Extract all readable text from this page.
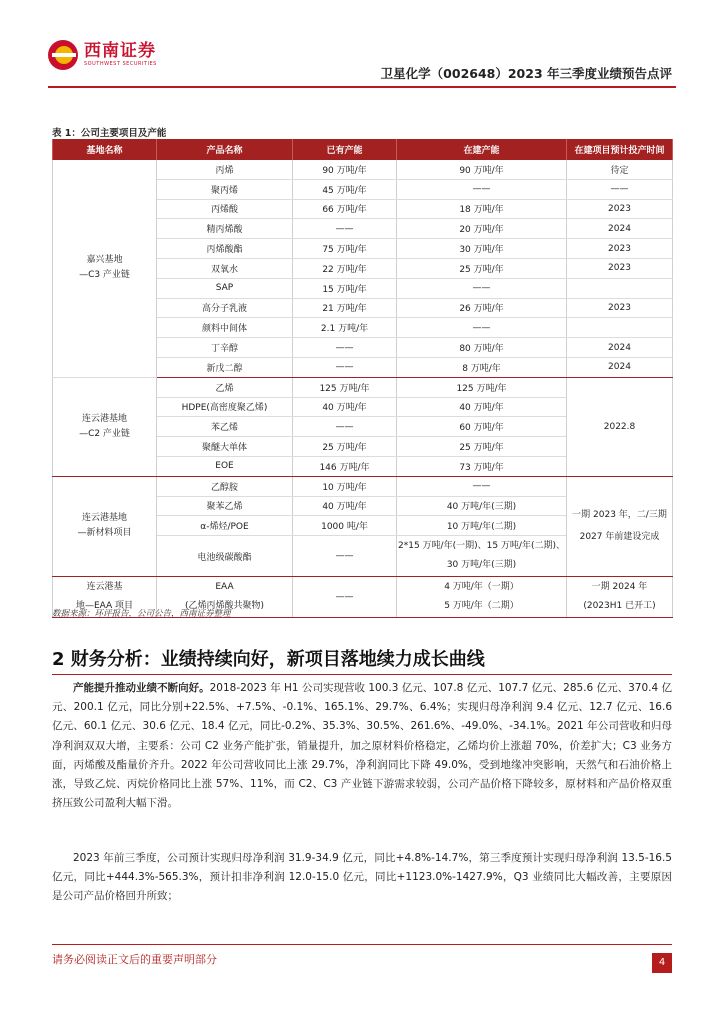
西南证券
SOUTHWEST SECURITIES
卫星化学（002648）2023 年三季度业绩预告点评
表 1：公司主要项目及产能
基地名称	产品名称	已有产能	在建产能	在建项目预计投产时间
嘉兴基地
—C3 产业链	丙烯	90 万吨/年	90 万吨/年	待定
	聚丙烯	45 万吨/年	——	——
	丙烯酸	66 万吨/年	18 万吨/年	2023
	精丙烯酸	——	20 万吨/年	2024
	丙烯酸酯	75 万吨/年	30 万吨/年	2023
	双氧水	22 万吨/年	25 万吨/年	2023
	SAP	15 万吨/年	——	
	高分子乳液	21 万吨/年	26 万吨/年	2023
	颜料中间体	2.1 万吨/年	——	
	丁辛醇	——	80 万吨/年	2024
	新戊二醇	——	8 万吨/年	2024
连云港基地
—C2 产业链	乙烯	125 万吨/年	125 万吨/年	2022.8
	HDPE(高密度聚乙烯)	40 万吨/年	40 万吨/年	
	苯乙烯	——	60 万吨/年	
	聚醚大单体	25 万吨/年	25 万吨/年	
	EOE	146 万吨/年	73 万吨/年	
连云港基地
—新材料项目	乙醇胺	10 万吨/年	——	一期 2023 年，二/三期
2027 年前建设完成
	聚苯乙烯	40 万吨/年	40 万吨/年(三期)	
	α-烯烃/POE	1000 吨/年	10 万吨/年(二期)	
	电池级碳酸酯	——	2*15 万吨/年(一期)、15 万吨/年(二期)、
30 万吨/年(三期)	
连云港基
地—EAA 项目	EAA
(乙烯丙烯酸共聚物)	——	4 万吨/年（一期）
5 万吨/年（二期）	一期 2024 年
(2023H1 已开工)
数据来源：环评报告，公司公告，西南证券整理
2 财务分析：业绩持续向好，新项目落地续力成长曲线

产能提升推动业绩不断向好。2018-2023 年 H1 公司实现营收 100.3 亿元、107.8 亿元、107.7 亿元、285.6 亿元、370.4 亿元、200.1 亿元，同比分别+22.5%、+7.5%、-0.1%、165.1%、29.7%、6.4%；实现归母净利润 9.4 亿元、12.7 亿元、16.6 亿元、60.1 亿元、30.6 亿元、18.4 亿元，同比-0.2%、35.3%、30.5%、261.6%、-49.0%、-34.1%。2021 年公司营收和归母净利润双双大增，主要系：公司 C2 业务产能扩张，销量提升，加之原材料价格稳定，乙烯均价上涨超 70%，价差扩大；C3 业务方面，丙烯酸及酯量价齐升。2022 年公司营收同比上涨 29.7%，净利润同比下降 49.0%，受到地缘冲突影响，天然气和石油价格上涨，导致乙烷、丙烷价格同比上涨 57%、11%，而 C2、C3 产业链下游需求较弱，公司产品价格下降较多，原材料和产品价格双重挤压致公司盈利大幅下滑。

2023 年前三季度，公司预计实现归母净利润 31.9-34.9 亿元，同比+4.8%-14.7%，第三季度预计实现归母净利润 13.5-16.5 亿元，同比+444.3%-565.3%，预计扣非净利润 12.0-15.0 亿元，同比+1123.0%-1427.9%，Q3 业绩同比大幅改善，主要原因是公司产品价格回升所致；

请务必阅读正文后的重要声明部分	4
